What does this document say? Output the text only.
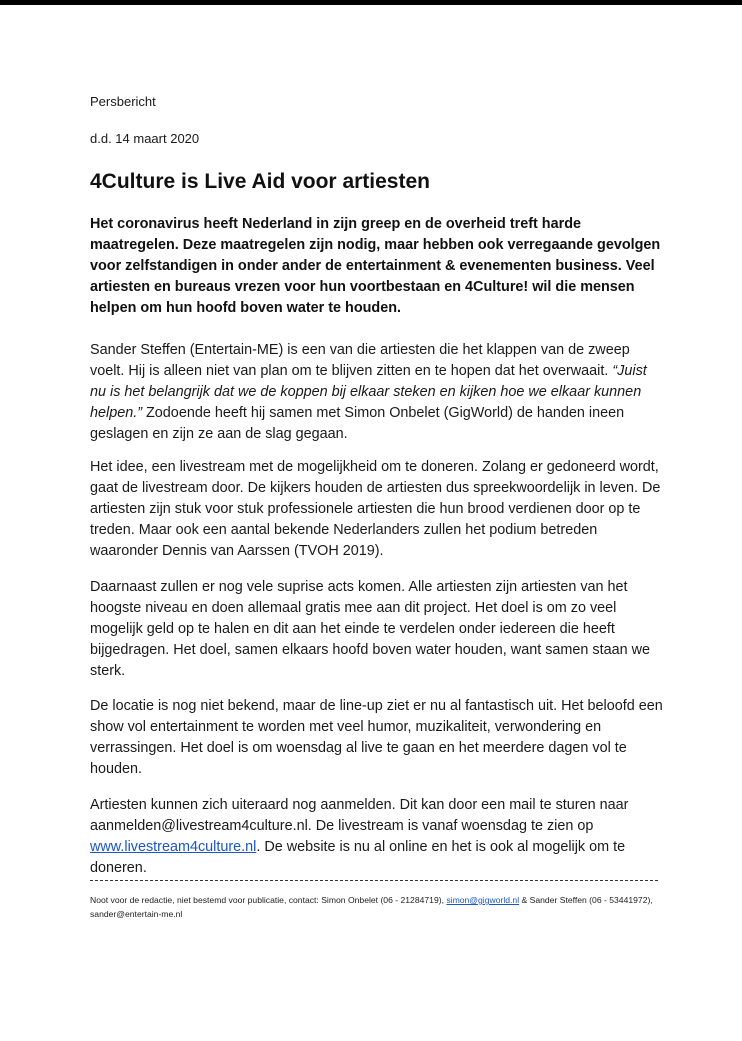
Persbericht
d.d. 14 maart 2020
4Culture is Live Aid voor artiesten

Het coronavirus heeft Nederland in zijn greep en de overheid treft harde maatregelen. Deze maatregelen zijn nodig, maar hebben ook verregaande gevolgen voor zelfstandigen in onder ander de entertainment & evenementen business. Veel artiesten en bureaus vrezen voor hun voortbestaan en 4Culture! wil die mensen helpen om hun hoofd boven water te houden.

Sander Steffen (Entertain-ME) is een van die artiesten die het klappen van de zweep voelt. Hij is alleen niet van plan om te blijven zitten en te hopen dat het overwaait. “Juist nu is het belangrijk dat we de koppen bij elkaar steken en kijken hoe we elkaar kunnen helpen.” Zodoende heeft hij samen met Simon Onbelet (GigWorld) de handen ineen geslagen en zijn ze aan de slag gegaan.

Het idee, een livestream met de mogelijkheid om te doneren. Zolang er gedoneerd wordt, gaat de livestream door. De kijkers houden de artiesten dus spreekwoordelijk in leven. De artiesten zijn stuk voor stuk professionele artiesten die hun brood verdienen door op te treden. Maar ook een aantal bekende Nederlanders zullen het podium betreden waaronder Dennis van Aarssen (TVOH 2019).

Daarnaast zullen er nog vele suprise acts komen. Alle artiesten zijn artiesten van het hoogste niveau en doen allemaal gratis mee aan dit project. Het doel is om zo veel mogelijk geld op te halen en dit aan het einde te verdelen onder iedereen die heeft bijgedragen. Het doel, samen elkaars hoofd boven water houden, want samen staan we sterk.

De locatie is nog niet bekend, maar de line-up ziet er nu al fantastisch uit. Het beloofd een show vol entertainment te worden met veel humor, muzikaliteit, verwondering en verrassingen. Het doel is om woensdag al live te gaan en het meerdere dagen vol te houden.

Artiesten kunnen zich uiteraard nog aanmelden. Dit kan door een mail te sturen naar aanmelden@livestream4culture.nl. De livestream is vanaf woensdag te zien op www.livestream4culture.nl. De website is nu al online en het is ook al mogelijk om te doneren.

Noot voor de redactie, niet bestemd voor publicatie, contact: Simon Onbelet (06 - 21284719), simon@gigworld.nl & Sander Steffen (06 - 53441972), sander@entertain-me.nl
